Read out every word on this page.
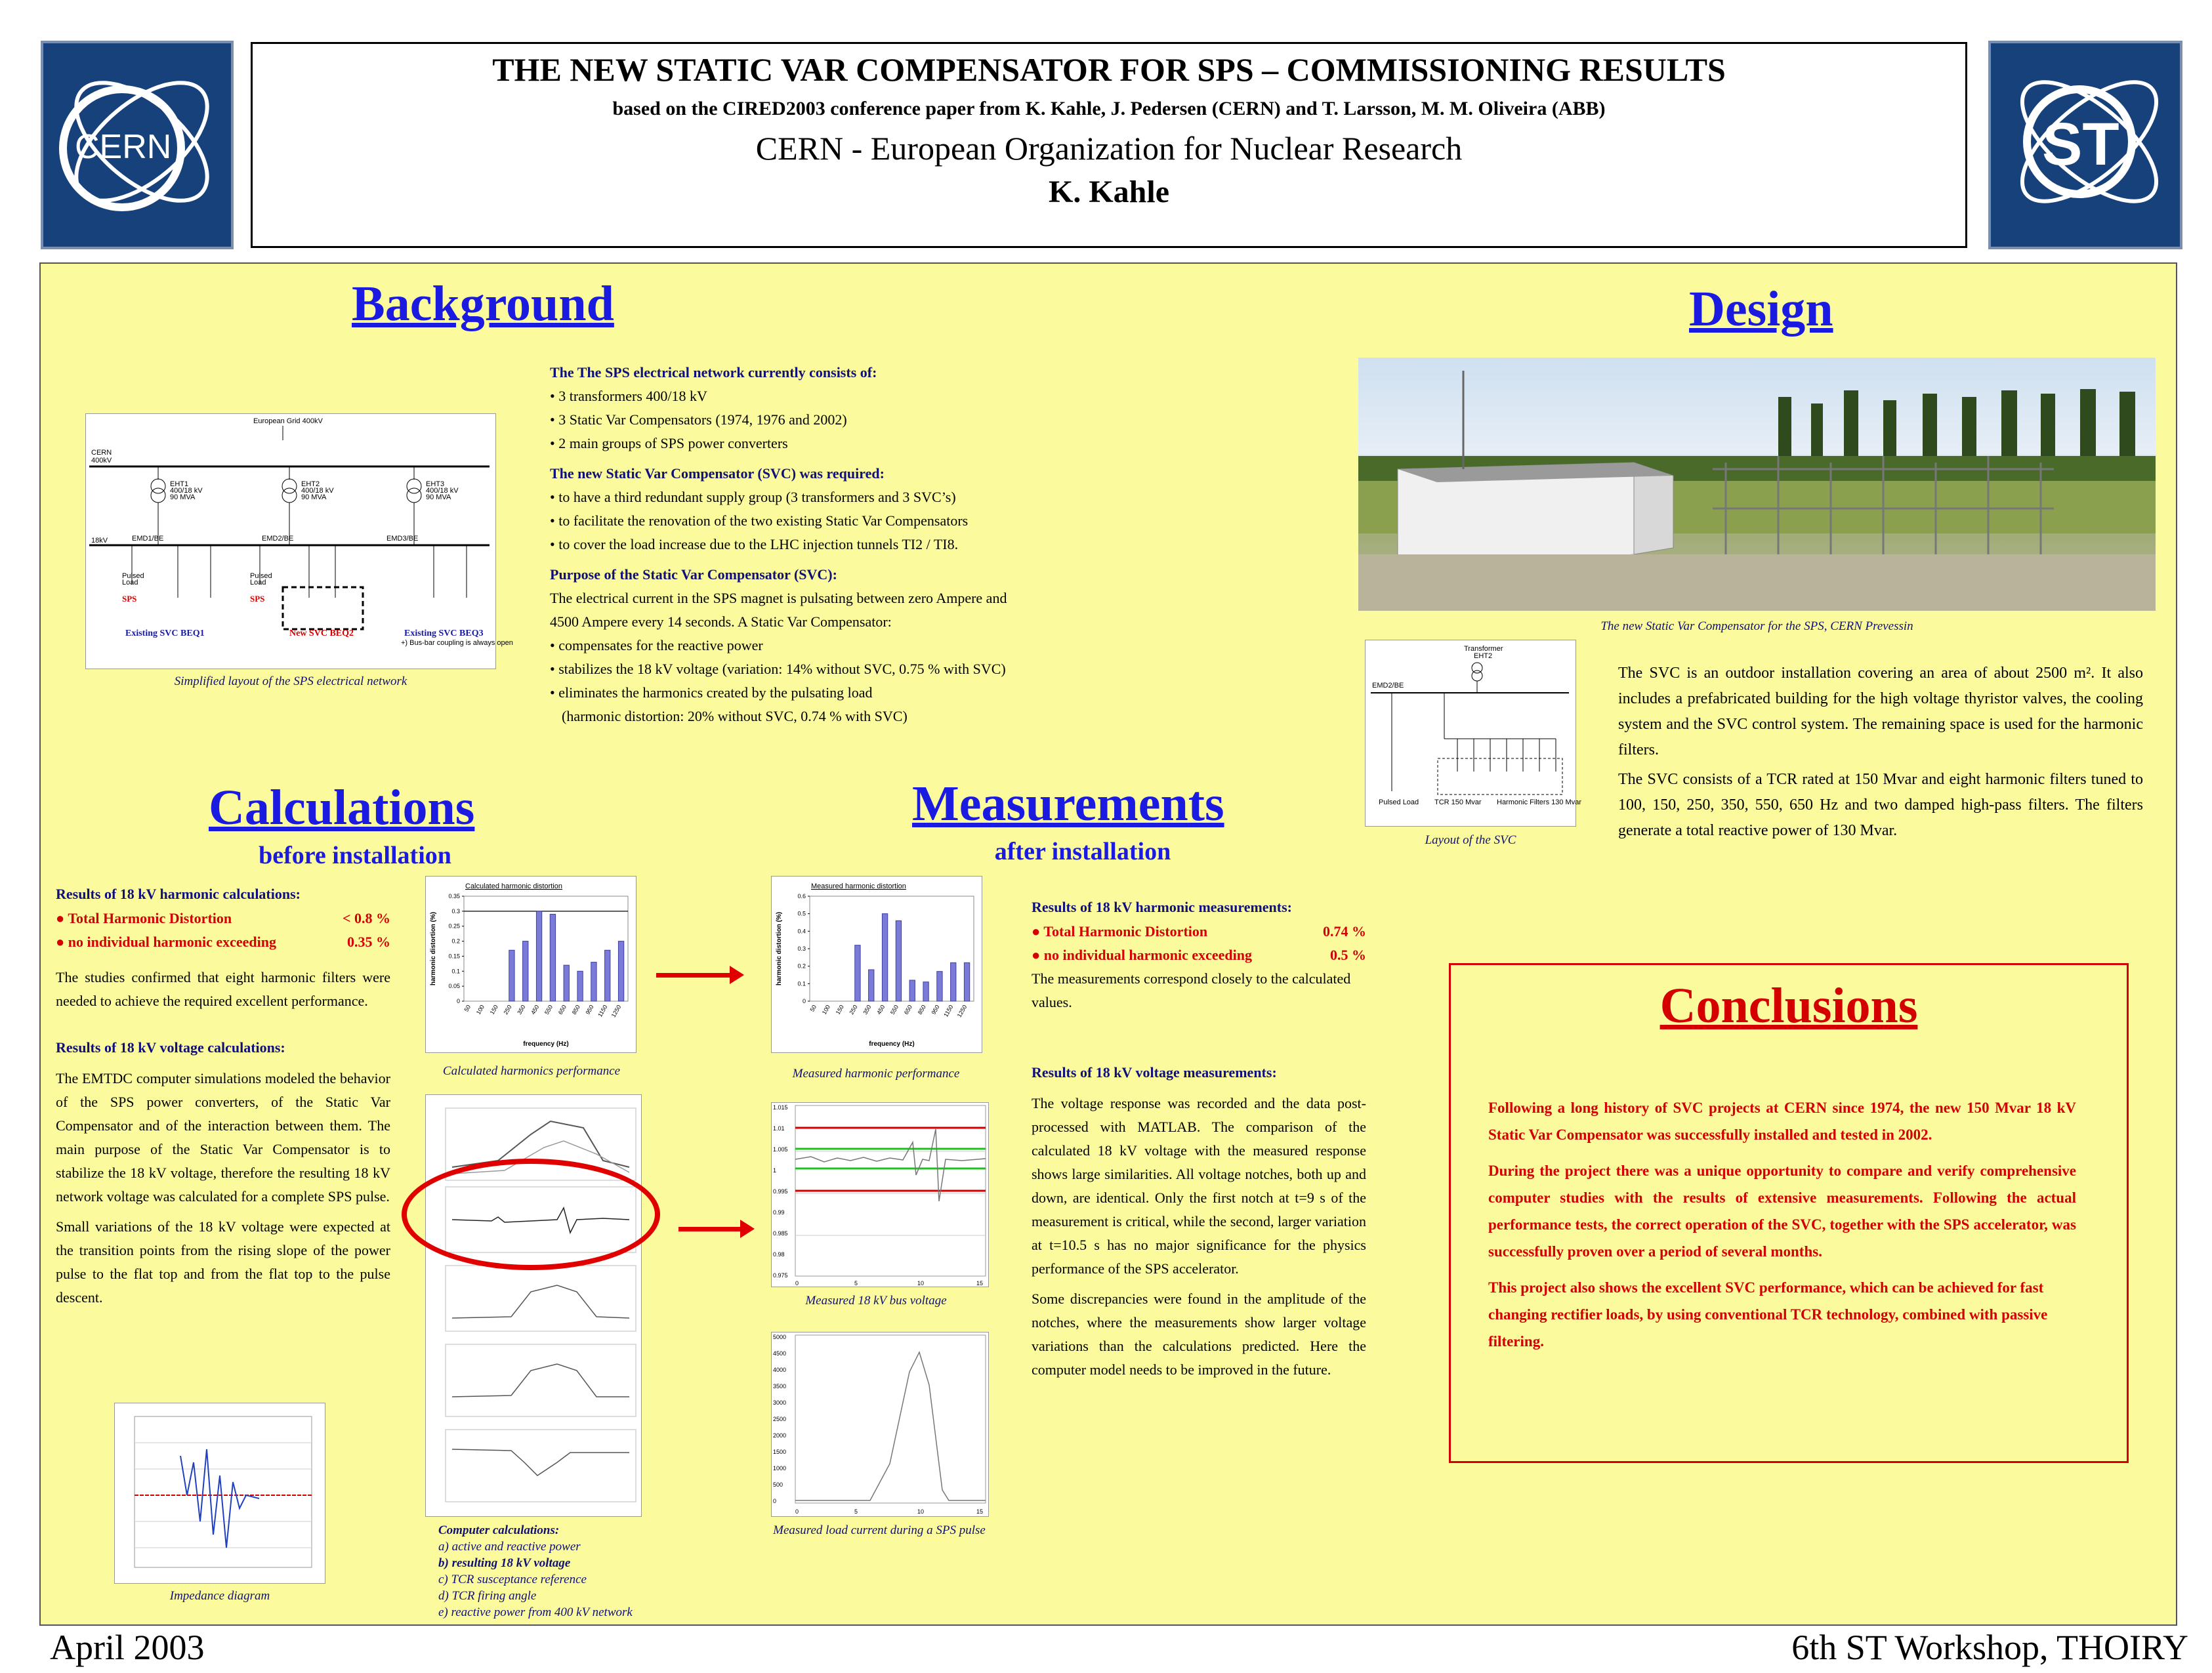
CERN	ST
THE NEW STATIC VAR COMPENSATOR FOR SPS – COMMISSIONING RESULTS
based on the CIRED2003 conference paper from K. Kahle, J. Pedersen (CERN) and T. Larsson, M. M. Oliveira (ABB)
CERN - European Organization for Nuclear Research
K. Kahle
Background
European Grid 400kV
CERN
400kV
EHT1
400/18 kV
90 MVA
EHT2
400/18 kV
90 MVA
EHT3
400/18 kV
90 MVA
18kV	EMD1/BE	EMD2/BE	EMD3/BE
Pulsed
Load
Pulsed
Load
SPS	SPS
Existing SVC BEQ1	New SVC BEQ2	Existing SVC BEQ3
+) Bus-bar coupling is always open
Simplified layout of the SPS electrical network
The The SPS electrical network currently consists of:
• 3 transformers 400/18 kV
• 3 Static Var Compensators (1974, 1976 and 2002)
• 2 main groups of SPS power converters
The new Static Var Compensator (SVC) was required:
• to have a third redundant supply group (3 transformers and 3 SVC’s)
• to facilitate the renovation of the two existing Static Var Compensators
• to cover the load increase due to the LHC injection tunnels TI2 / TI8.
Purpose of the Static Var Compensator (SVC):
The electrical current in the SPS magnet is pulsating between zero Ampere and
4500 Ampere every 14 seconds. A Static Var Compensator:
• compensates for the reactive power
• stabilizes the 18 kV voltage (variation: 14% without SVC, 0.75 % with SVC)
• eliminates the harmonics created by the pulsating load
(harmonic distortion: 20% without SVC, 0.74 % with SVC)
Design
The new Static Var Compensator for the SPS, CERN Prevessin
Transformer
EHT2
EMD2/BE
Pulsed Load TCR 150 Mvar Harmonic Filters 130 Mvar
Layout of the SVC
The SVC is an outdoor installation covering an area of about 2500 m². It also includes a prefabricated building for the high voltage thyristor valves, the cooling system and the SVC control system. The remaining space is used for the harmonic filters.
The SVC consists of a TCR rated at 150 Mvar and eight harmonic filters tuned to 100, 150, 250, 350, 550, 650 Hz and two damped high-pass filters. The filters generate a total reactive power of 130 Mvar.
Calculations
before installation
Results of 18 kV harmonic calculations:
● Total Harmonic Distortion	< 0.8 %
● no individual harmonic exceeding	0.35 %
The studies confirmed that eight harmonic filters were needed to achieve the required excellent performance.
Results of 18 kV voltage calculations:
The EMTDC computer simulations modeled the behavior of the SPS power converters, of the Static Var Compensator and of the interaction between them. The main purpose of the Static Var Compensator is to stabilize the 18 kV voltage, therefore the resulting 18 kV network voltage was calculated for a complete SPS pulse.
Small variations of the 18 kV voltage were expected at the transition points from the rising slope of the power pulse to the flat top and from the flat top to the pulse descent.
Calculated harmonic distortion
0.35
0.3
0.25
0.2
0.15
0.1
0.05
0
50 100 150 250 350 450 550 650 850 950 1150 1250
frequency (Hz)
harmonic distortion (%)
Calculated harmonics performance
Computer calculations:
a) active and reactive power
b) resulting 18 kV voltage
c) TCR susceptance reference
d) TCR firing angle
e) reactive power from 400 kV network
Impedance diagram
Measurements
after installation
Measured harmonic distortion
0.6
0.5
0.4
0.3
0.2
0.1
0
50 100 150 250 350 450 550 650 850 950 1150 1250
frequency (Hz)
harmonic distortion (%)
Measured harmonic performance
1.015
1.01
1.005
1
0.995
0.99
0.985
0.98
0.975
0	5	10	15
Measured 18 kV bus voltage
5000
4500
4000
3500
3000
2500
2000
1500
1000
500
0
0	5	10	15
Measured load current during a SPS pulse
Results of 18 kV harmonic measurements:
● Total Harmonic Distortion	0.74 %
● no individual harmonic exceeding	0.5 %
The measurements correspond closely to the calculated values.
Results of 18 kV voltage measurements:
The voltage response was recorded and the data post-processed with MATLAB. The comparison of the calculated 18 kV voltage with the measured response shows large similarities. All voltage notches, both up and down, are identical. Only the first notch at t=9 s of the measurement is critical, while the second, larger variation at t=10.5 s has no major significance for the physics performance of the SPS accelerator.
Some discrepancies were found in the amplitude of the notches, where the measurements show larger voltage variations than the calculations predicted. Here the computer model needs to be improved in the future.
Conclusions
Following a long history of SVC projects at CERN since 1974, the new 150 Mvar 18 kV Static Var Compensator was successfully installed and tested in 2002.
During the project there was a unique opportunity to compare and verify comprehensive computer studies with the results of extensive measurements. Following the actual performance tests, the correct operation of the SVC, together with the SPS accelerator, was successfully proven over a period of several months.
This project also shows the excellent SVC performance, which can be achieved for fast changing rectifier loads, by using conventional TCR technology, combined with passive filtering.
April 2003	6th ST Workshop, THOIRY
